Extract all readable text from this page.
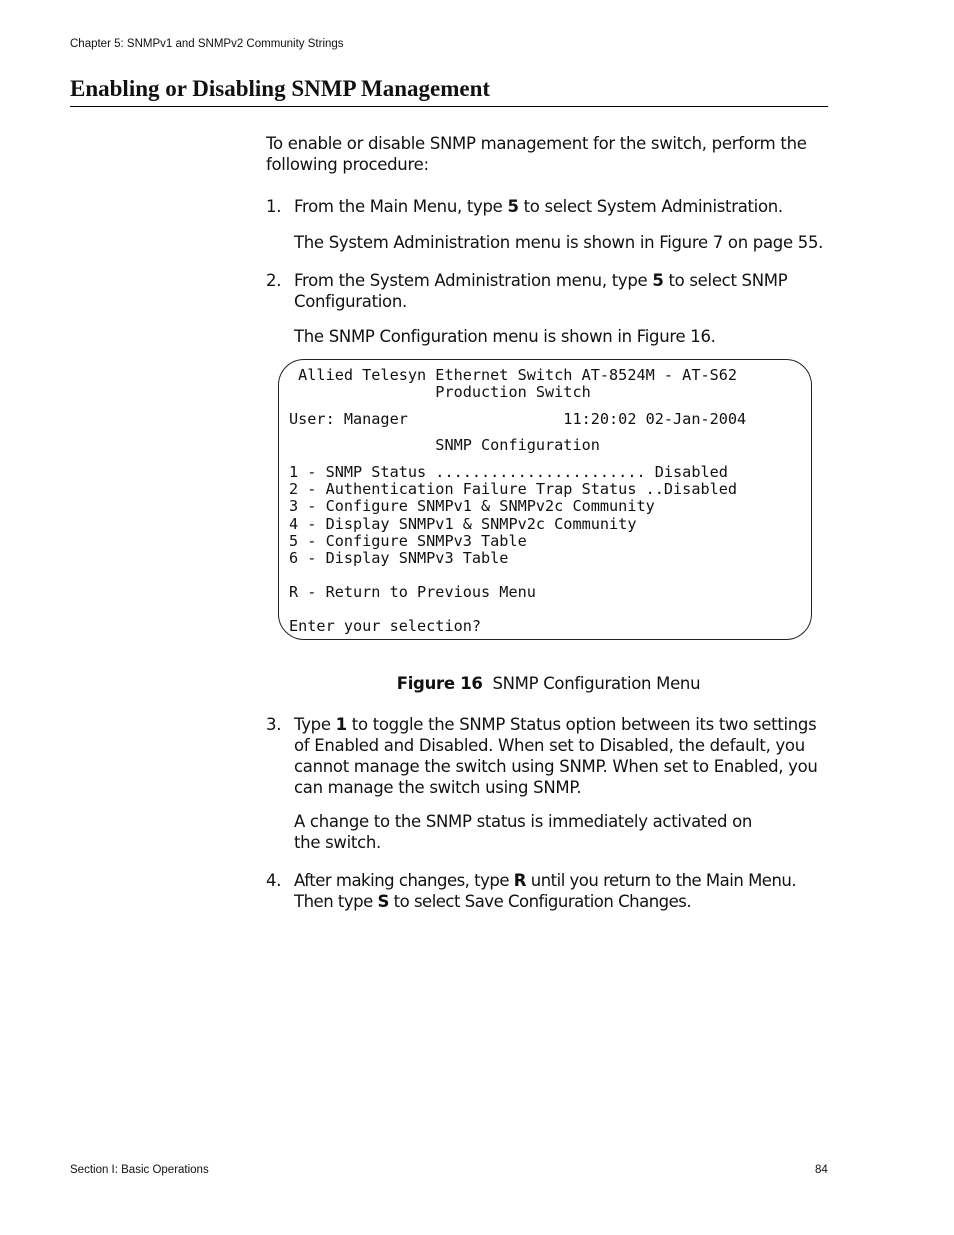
Chapter 5: SNMPv1 and SNMPv2 Community Strings
Enabling or Disabling SNMP Management
To enable or disable SNMP management for the switch, perform the following procedure:
1. From the Main Menu, type 5 to select System Administration.
The System Administration menu is shown in Figure 7 on page 55.
2. From the System Administration menu, type 5 to select SNMP Configuration.
The SNMP Configuration menu is shown in Figure 16.
Allied Telesyn Ethernet Switch AT-8524M - AT-S62
Production Switch
User: Manager                 11:20:02 02-Jan-2004
SNMP Configuration
1 - SNMP Status ....................... Disabled
2 - Authentication Failure Trap Status ..Disabled
3 - Configure SNMPv1 & SNMPv2c Community
4 - Display SNMPv1 & SNMPv2c Community
5 - Configure SNMPv3 Table
6 - Display SNMPv3 Table
R - Return to Previous Menu
Enter your selection?
Figure 16 SNMP Configuration Menu
3. Type 1 to toggle the SNMP Status option between its two settings of Enabled and Disabled. When set to Disabled, the default, you cannot manage the switch using SNMP. When set to Enabled, you can manage the switch using SNMP.
A change to the SNMP status is immediately activated on the switch.
4. After making changes, type R until you return to the Main Menu. Then type S to select Save Configuration Changes.
Section I: Basic Operations	84
